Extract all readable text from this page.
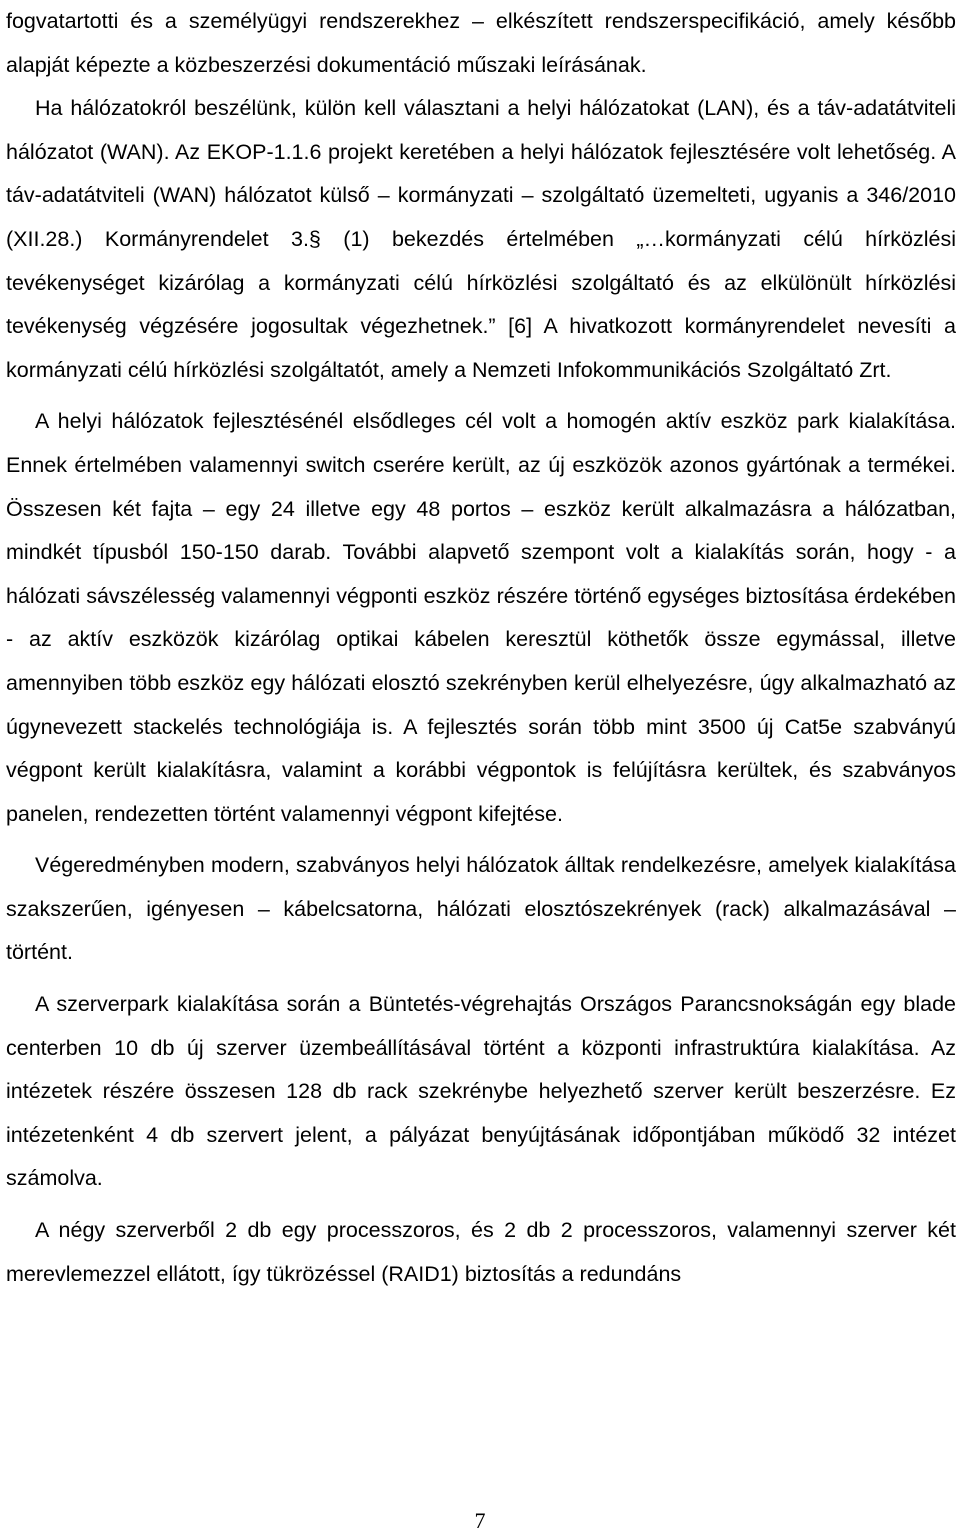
fogvatartotti és a személyügyi rendszerekhez – elkészített rendszerspecifikáció, amely később alapját képezte a közbeszerzési dokumentáció műszaki leírásának.

Ha hálózatokról beszélünk, külön kell választani a helyi hálózatokat (LAN), és a táv-adatátviteli hálózatot (WAN). Az EKOP-1.1.6 projekt keretében a helyi hálózatok fejlesztésére volt lehetőség. A táv-adatátviteli (WAN) hálózatot külső – kormányzati – szolgáltató üzemelteti, ugyanis a 346/2010 (XII.28.) Kormányrendelet 3.§ (1) bekezdés értelmében „…kormányzati célú hírközlési tevékenységet kizárólag a kormányzati célú hírközlési szolgáltató és az elkülönült hírközlési tevékenység végzésére jogosultak végezhetnek.” [6] A hivatkozott kormányrendelet nevesíti a kormányzati célú hírközlési szolgáltatót, amely a Nemzeti Infokommunikációs Szolgáltató Zrt.

A helyi hálózatok fejlesztésénél elsődleges cél volt a homogén aktív eszköz park kialakítása. Ennek értelmében valamennyi switch cserére került, az új eszközök azonos gyártónak a termékei. Összesen két fajta – egy 24 illetve egy 48 portos – eszköz került alkalmazásra a hálózatban, mindkét típusból 150-150 darab. További alapvető szempont volt a kialakítás során, hogy - a hálózati sávszélesség valamennyi végponti eszköz részére történő egységes biztosítása érdekében - az aktív eszközök kizárólag optikai kábelen keresztül köthetők össze egymással, illetve amennyiben több eszköz egy hálózati elosztó szekrényben kerül elhelyezésre, úgy alkalmazható az úgynevezett stackelés technológiája is. A fejlesztés során több mint 3500 új Cat5e szabványú végpont került kialakításra, valamint a korábbi végpontok is felújításra kerültek, és szabványos panelen, rendezetten történt valamennyi végpont kifejtése.

Végeredményben modern, szabványos helyi hálózatok álltak rendelkezésre, amelyek kialakítása szakszerűen, igényesen – kábelcsatorna, hálózati elosztószekrények (rack) alkalmazásával – történt.

A szerverpark kialakítása során a Büntetés-végrehajtás Országos Parancsnokságán egy blade centerben 10 db új szerver üzembeállításával történt a központi infrastruktúra kialakítása. Az intézetek részére összesen 128 db rack szekrénybe helyezhető szerver került beszerzésre. Ez intézetenként 4 db szervert jelent, a pályázat benyújtásának időpontjában működő 32 intézet számolva.

A négy szerverből 2 db egy processzoros, és 2 db 2 processzoros, valamennyi szerver két merevlemezzel ellátott, így tükrözéssel (RAID1) biztosítás a redundáns

7
